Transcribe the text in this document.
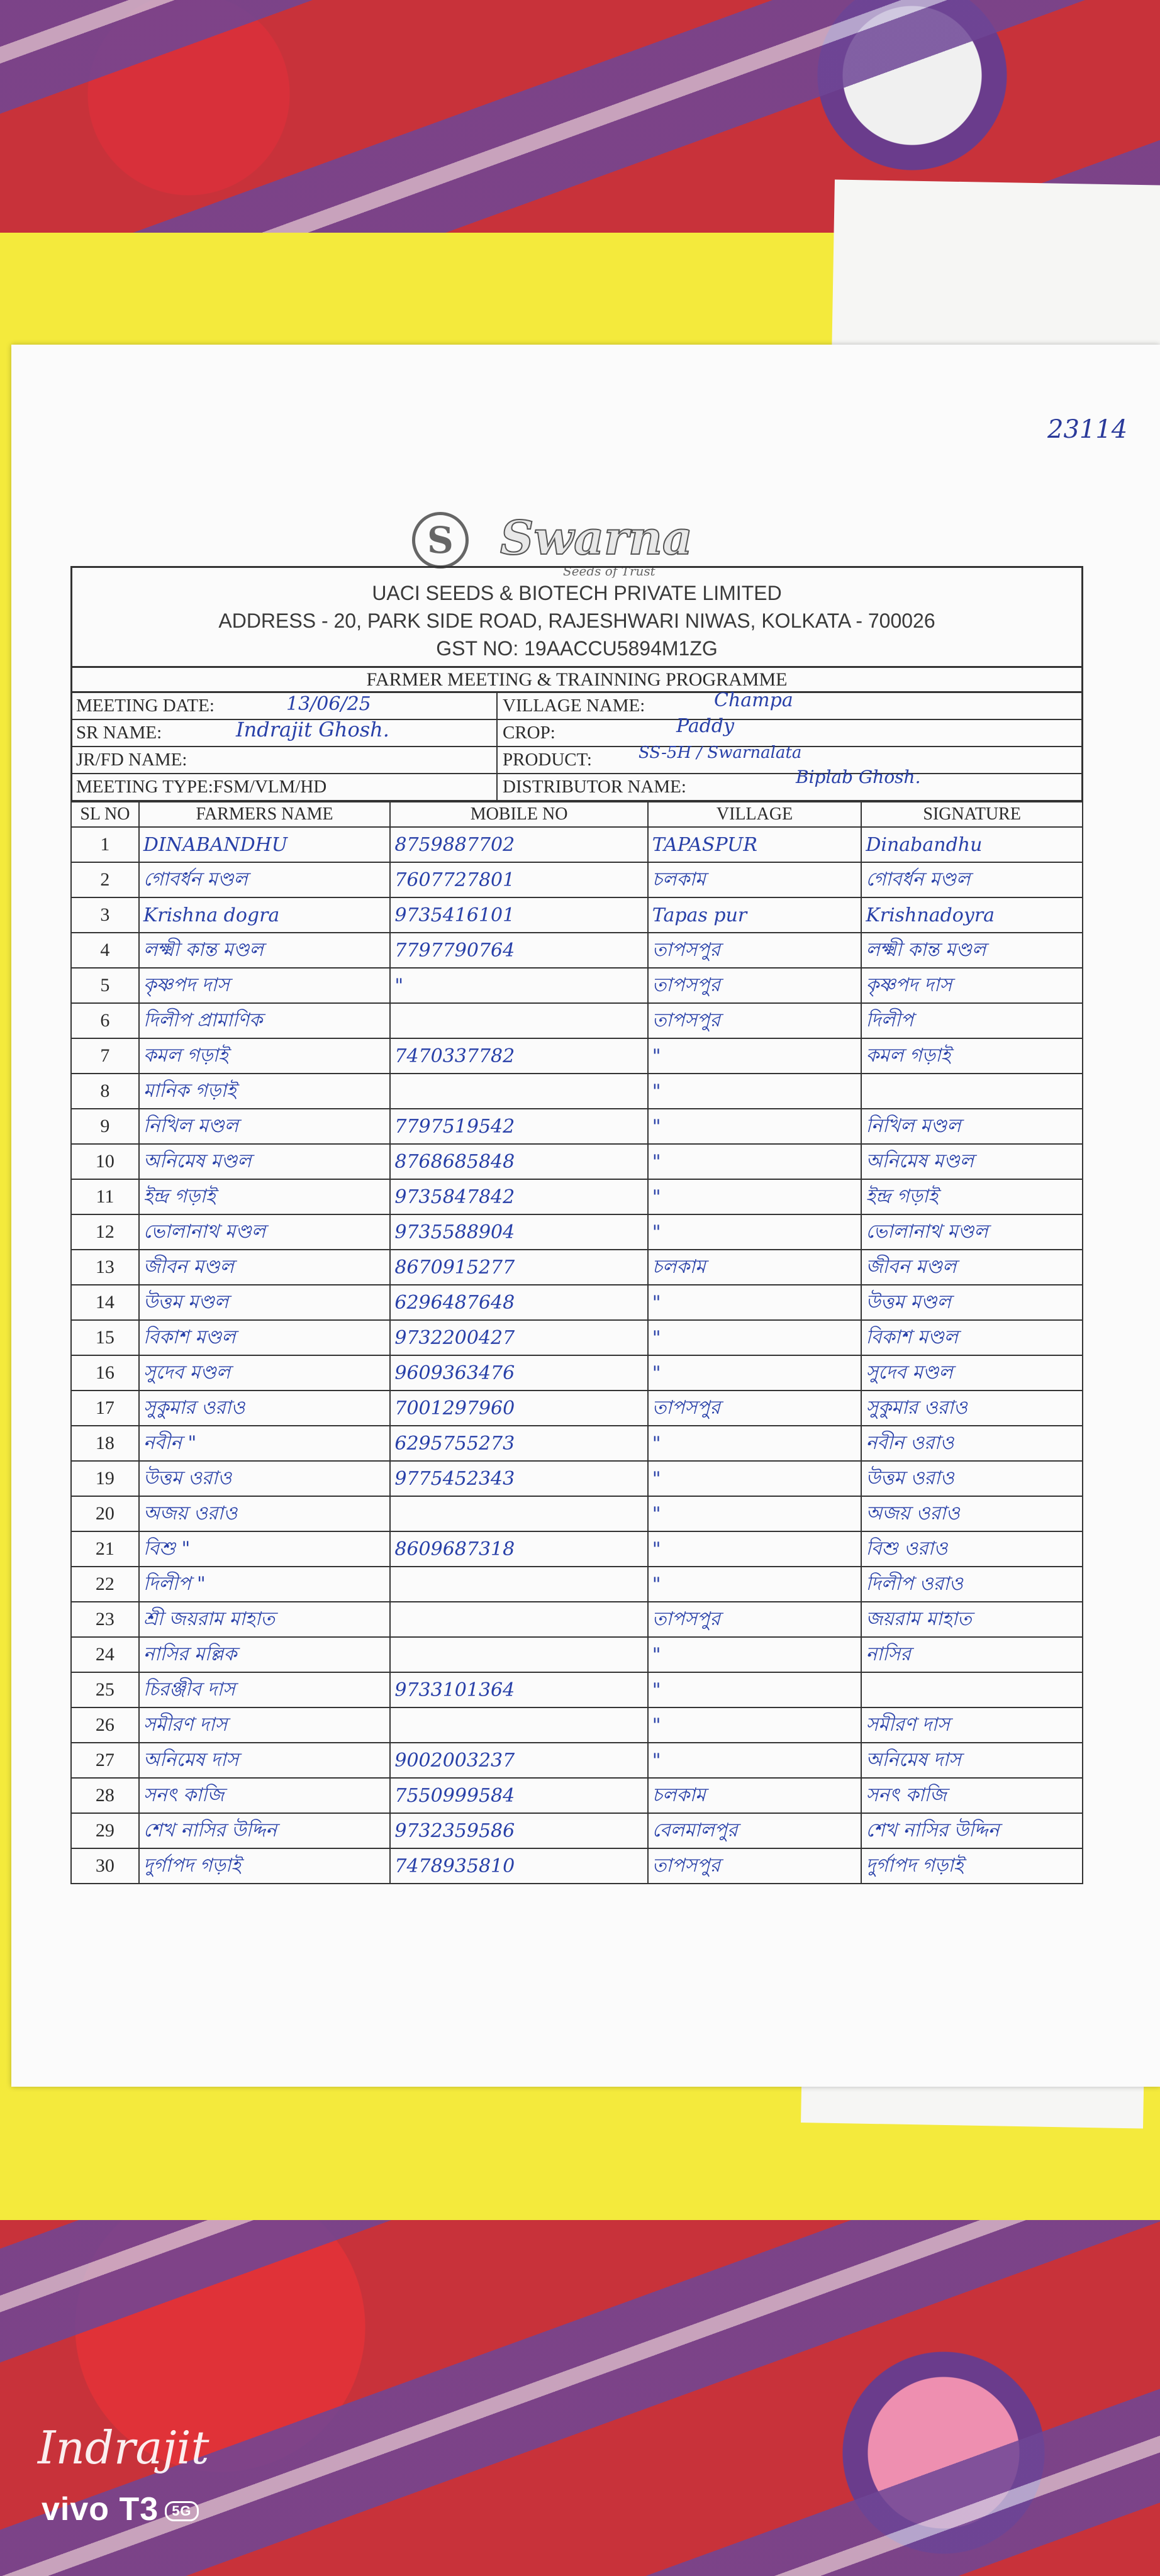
23114
S	Swarna
Seeds of Trust
UACI SEEDS & BIOTECH PRIVATE LIMITED
ADDRESS - 20, PARK SIDE ROAD, RAJESHWARI NIWAS, KOLKATA - 700026
GST NO: 19AACCU5894M1ZG
FARMER MEETING & TRAINNING PROGRAMME
MEETING DATE:	13/06/25	VILLAGE NAME:	Champa
SR NAME:	Indrajit Ghosh.	CROP:	Paddy
JR/FD NAME:	PRODUCT:	SS-5H / Swarnalata
MEETING TYPE:FSM/VLM/HD	DISTRIBUTOR NAME:	Biplab Ghosh.
SL NO	FARMERS NAME	MOBILE NO	VILLAGE	SIGNATURE
1	DINABANDHU	8759887702	TAPASPUR	Dinabandhu
2	গোবর্ধন মণ্ডল	7607727801	চলকাম	গোবর্ধন মণ্ডল
3	Krishna dogra	9735416101	Tapas pur	Krishnadoyra
4	লক্ষ্মী কান্ত মণ্ডল	7797790764	তাপসপুর	লক্ষ্মী কান্ত মণ্ডল
5	কৃষ্ণপদ দাস	"	তাপসপুর	কৃষ্ণপদ দাস
6	দিলীপ প্রামাণিক		তাপসপুর	দিলীপ
7	কমল গড়াই	7470337782	"	কমল গড়াই
8	মানিক গড়াই		"	
9	নিখিল মণ্ডল	7797519542	"	নিখিল মণ্ডল
10	অনিমেষ মণ্ডল	8768685848	"	অনিমেষ মণ্ডল
11	ইন্দ্র গড়াই	9735847842	"	ইন্দ্র গড়াই
12	ভোলানাথ মণ্ডল	9735588904	"	ভোলানাথ মণ্ডল
13	জীবন মণ্ডল	8670915277	চলকাম	জীবন মণ্ডল
14	উত্তম মণ্ডল	6296487648	"	উত্তম মণ্ডল
15	বিকাশ মণ্ডল	9732200427	"	বিকাশ মণ্ডল
16	সুদেব মণ্ডল	9609363476	"	সুদেব মণ্ডল
17	সুকুমার ওরাও	7001297960	তাপসপুর	সুকুমার ওরাও
18	নবীন "	6295755273	"	নবীন ওরাও
19	উত্তম ওরাও	9775452343	"	উত্তম ওরাও
20	অজয় ওরাও		"	অজয় ওরাও
21	বিশু "	8609687318	"	বিশু ওরাও
22	দিলীপ "		"	দিলীপ ওরাও
23	শ্রী জয়রাম মাহাত		তাপসপুর	জয়রাম মাহাত
24	নাসির মল্লিক		"	নাসির
25	চিরঞ্জীব দাস	9733101364	"	
26	সমীরণ দাস		"	সমীরণ দাস
27	অনিমেষ দাস	9002003237	"	অনিমেষ দাস
28	সনৎ কাজি	7550999584	চলকাম	সনৎ কাজি
29	শেখ নাসির উদ্দিন	9732359586	বেলমালপুর	শেখ নাসির উদ্দিন
30	দুর্গাপদ গড়াই	7478935810	তাপসপুর	দুর্গাপদ গড়াই
Indrajit
vivo T3 5G
